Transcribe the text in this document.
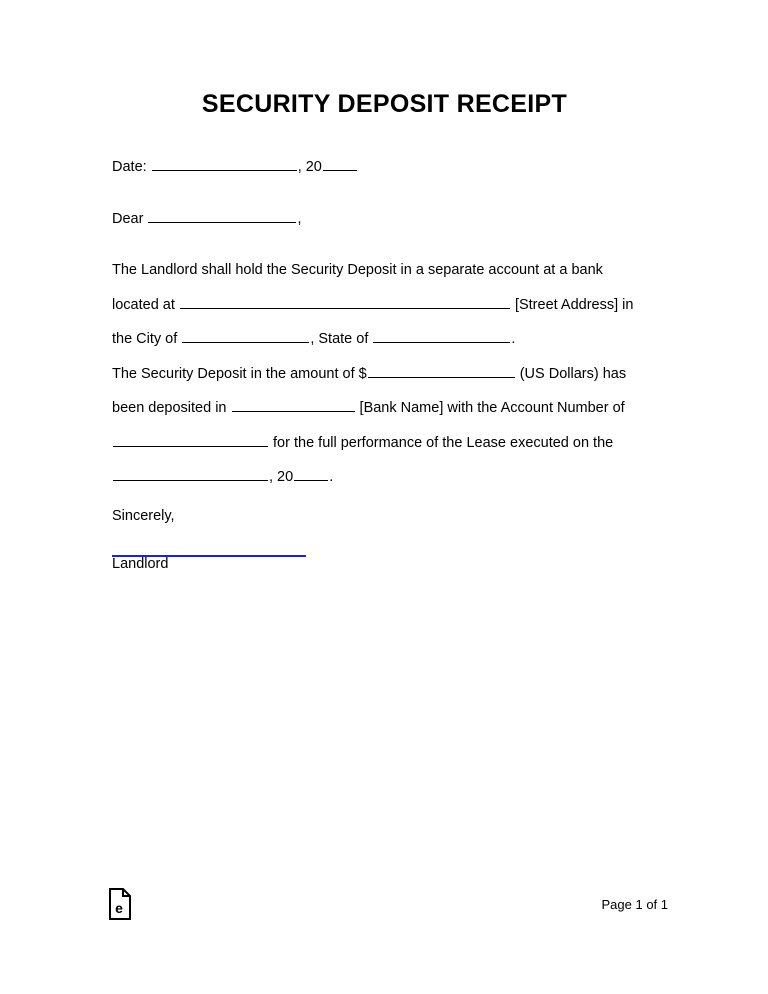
SECURITY DEPOSIT RECEIPT
Date:	, 20
Dear	,
The Landlord shall hold the Security Deposit in a separate account at a bank
located at	[Street Address] in
the City of	, State of	.
The Security Deposit in the amount of $	(US Dollars) has
been deposited in	[Bank Name] with the Account Number of
for the full performance of the Lease executed on the
, 20 .
Sincerely,
Landlord
e	Page 1 of 1
